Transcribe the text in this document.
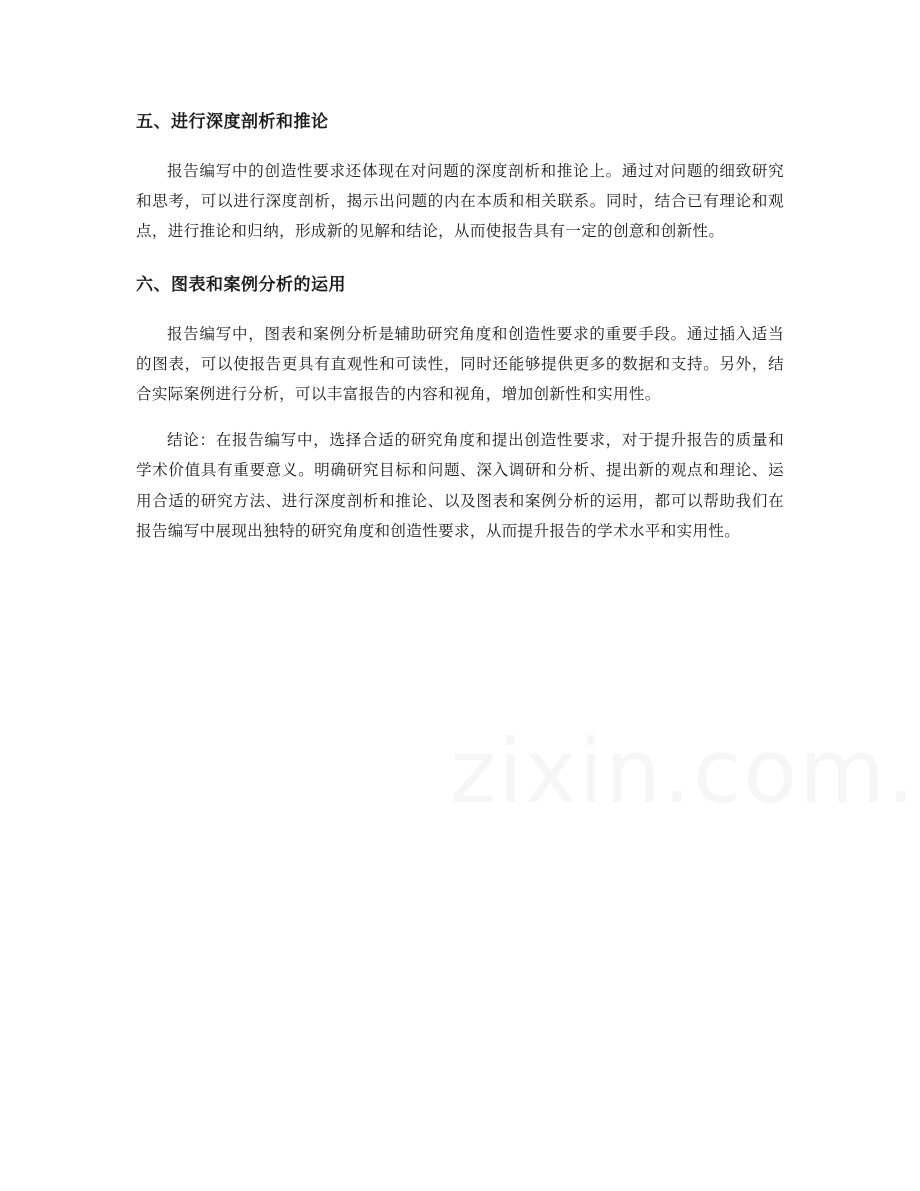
五、进行深度剖析和推论

报告编写中的创造性要求还体现在对问题的深度剖析和推论上。通过对问题的细致研究和思考，可以进行深度剖析，揭示出问题的内在本质和相关联系。同时，结合已有理论和观点，进行推论和归纳，形成新的见解和结论，从而使报告具有一定的创意和创新性。

六、图表和案例分析的运用

报告编写中，图表和案例分析是辅助研究角度和创造性要求的重要手段。通过插入适当的图表，可以使报告更具有直观性和可读性，同时还能够提供更多的数据和支持。另外，结合实际案例进行分析，可以丰富报告的内容和视角，增加创新性和实用性。

结论：在报告编写中，选择合适的研究角度和提出创造性要求，对于提升报告的质量和学术价值具有重要意义。明确研究目标和问题、深入调研和分析、提出新的观点和理论、运用合适的研究方法、进行深度剖析和推论、以及图表和案例分析的运用，都可以帮助我们在报告编写中展现出独特的研究角度和创造性要求，从而提升报告的学术水平和实用性。
